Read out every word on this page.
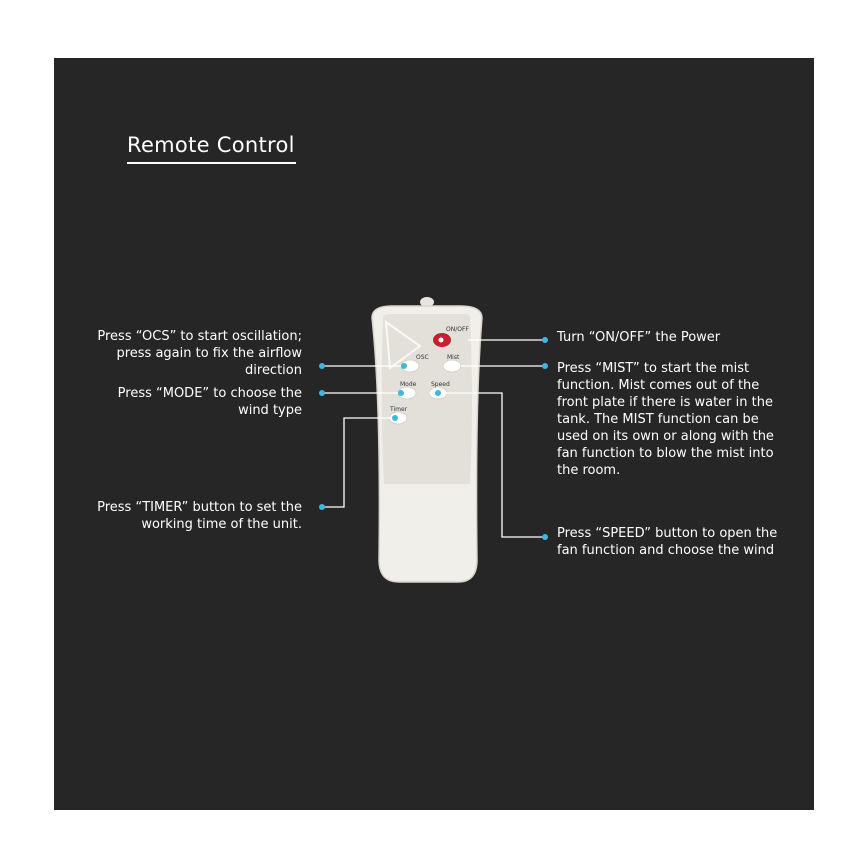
Remote Control
Press “OCS” to start oscillation; press again to fix the airflow direction
Press “MODE” to choose the wind type
Press “TIMER” button to set the working time of the unit.
Turn “ON/OFF” the Power
Press “MIST” to start the mist function. Mist comes out of the front plate if there is water in the tank. The MIST function can be used on its own or along with the fan function to blow the mist into the room.
Press “SPEED” button to open the fan function and choose the wind
ON/OFF
OSC	Mist
Mode Speed
Timer
